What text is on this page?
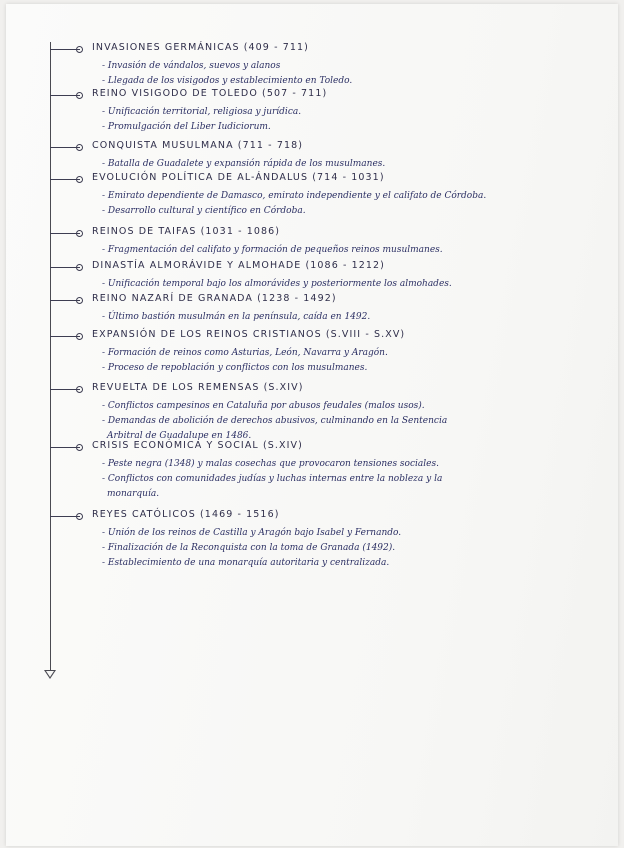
INVASIONES GERMÁNICAS (409 - 711)
- Invasión de vándalos, suevos y alanos
- Llegada de los visigodos y establecimiento en Toledo.
REINO VISIGODO DE TOLEDO (507 - 711)
- Unificación territorial, religiosa y jurídica.
- Promulgación del Liber Iudiciorum.
CONQUISTA MUSULMANA (711 - 718)
- Batalla de Guadalete y expansión rápida de los musulmanes.
EVOLUCIÓN POLÍTICA DE AL-ÁNDALUS (714 - 1031)
- Emirato dependiente de Damasco, emirato independiente y el califato de Córdoba.
- Desarrollo cultural y científico en Córdoba.
REINOS DE TAIFAS (1031 - 1086)
- Fragmentación del califato y formación de pequeños reinos musulmanes.
DINASTÍA ALMORÁVIDE Y ALMOHADE (1086 - 1212)
- Unificación temporal bajo los almorávides y posteriormente los almohades.
REINO NAZARÍ DE GRANADA (1238 - 1492)
- Último bastión musulmán en la península, caída en 1492.
EXPANSIÓN DE LOS REINOS CRISTIANOS (S.VIII - S.XV)
- Formación de reinos como Asturias, León, Navarra y Aragón.
- Proceso de repoblación y conflictos con los musulmanes.
REVUELTA DE LOS REMENSAS (S.XIV)
- Conflictos campesinos en Cataluña por abusos feudales (malos usos).
- Demandas de abolición de derechos abusivos, culminando en la Sentencia
Arbitral de Guadalupe en 1486.
CRISIS ECONÓMICA Y SOCIAL (S.XIV)
- Peste negra (1348) y malas cosechas que provocaron tensiones sociales.
- Conflictos con comunidades judías y luchas internas entre la nobleza y la
monarquía.
REYES CATÓLICOS (1469 - 1516)
- Unión de los reinos de Castilla y Aragón bajo Isabel y Fernando.
- Finalización de la Reconquista con la toma de Granada (1492).
- Establecimiento de una monarquía autoritaria y centralizada.
